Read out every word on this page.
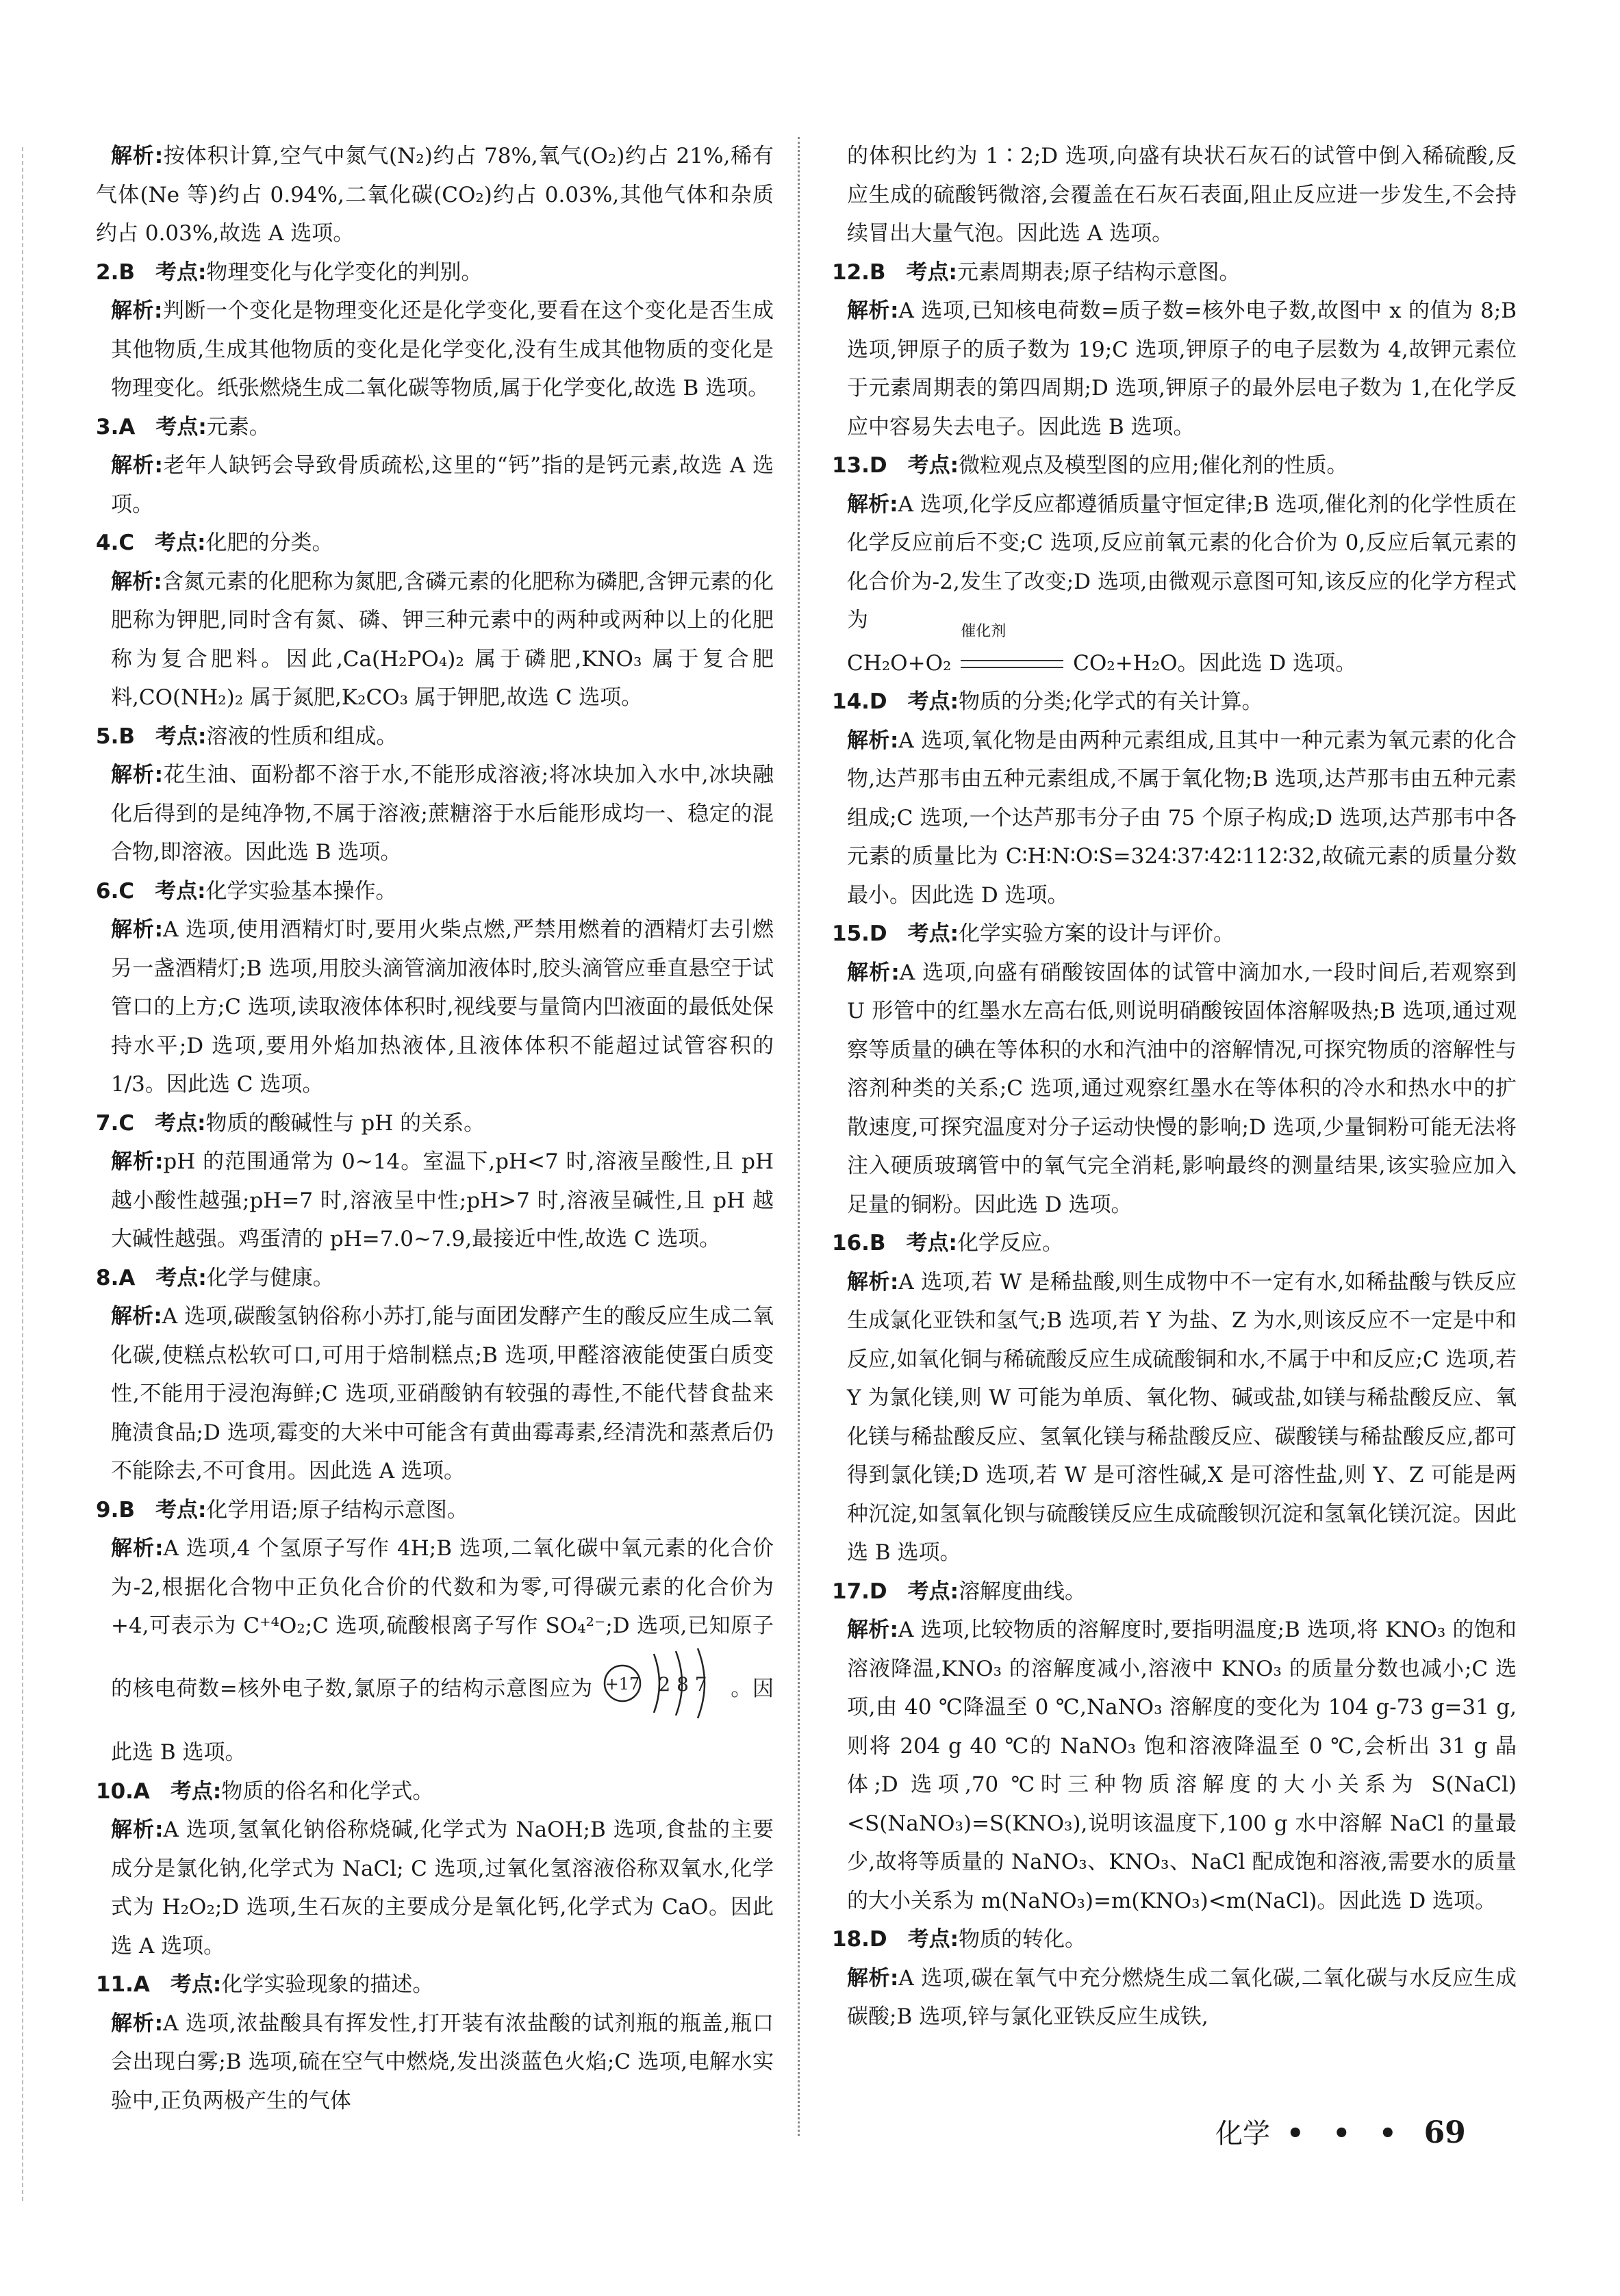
解析:按体积计算,空气中氮气(N₂)约占 78%,氧气(O₂)约占 21%,稀有气体(Ne 等)约占 0.94%,二氧化碳(CO₂)约占 0.03%,其他气体和杂质约占 0.03%,故选 A 选项。

2.B 考点:物理变化与化学变化的判别。

解析:判断一个变化是物理变化还是化学变化,要看在这个变化是否生成其他物质,生成其他物质的变化是化学变化,没有生成其他物质的变化是物理变化。纸张燃烧生成二氧化碳等物质,属于化学变化,故选 B 选项。

3.A 考点:元素。

解析:老年人缺钙会导致骨质疏松,这里的“钙”指的是钙元素,故选 A 选项。

4.C 考点:化肥的分类。

解析:含氮元素的化肥称为氮肥,含磷元素的化肥称为磷肥,含钾元素的化肥称为钾肥,同时含有氮、磷、钾三种元素中的两种或两种以上的化肥称为复合肥料。因此,Ca(H₂PO₄)₂ 属于磷肥,KNO₃ 属于复合肥料,CO(NH₂)₂ 属于氮肥,K₂CO₃ 属于钾肥,故选 C 选项。

5.B 考点:溶液的性质和组成。

解析:花生油、面粉都不溶于水,不能形成溶液;将冰块加入水中,冰块融化后得到的是纯净物,不属于溶液;蔗糖溶于水后能形成均一、稳定的混合物,即溶液。因此选 B 选项。

6.C 考点:化学实验基本操作。

解析:A 选项,使用酒精灯时,要用火柴点燃,严禁用燃着的酒精灯去引燃另一盏酒精灯;B 选项,用胶头滴管滴加液体时,胶头滴管应垂直悬空于试管口的上方;C 选项,读取液体体积时,视线要与量筒内凹液面的最低处保持水平;D 选项,要用外焰加热液体,且液体体积不能超过试管容积的 1/3。因此选 C 选项。

7.C 考点:物质的酸碱性与 pH 的关系。

解析:pH 的范围通常为 0~14。室温下,pH<7 时,溶液呈酸性,且 pH 越小酸性越强;pH=7 时,溶液呈中性;pH>7 时,溶液呈碱性,且 pH 越大碱性越强。鸡蛋清的 pH=7.0~7.9,最接近中性,故选 C 选项。

8.A 考点:化学与健康。

解析:A 选项,碳酸氢钠俗称小苏打,能与面团发酵产生的酸反应生成二氧化碳,使糕点松软可口,可用于焙制糕点;B 选项,甲醛溶液能使蛋白质变性,不能用于浸泡海鲜;C 选项,亚硝酸钠有较强的毒性,不能代替食盐来腌渍食品;D 选项,霉变的大米中可能含有黄曲霉毒素,经清洗和蒸煮后仍不能除去,不可食用。因此选 A 选项。

9.B 考点:化学用语;原子结构示意图。

解析:A 选项,4 个氢原子写作 4H;B 选项,二氧化碳中氧元素的化合价为-2,根据化合物中正负化合价的代数和为零,可得碳元素的化合价为+4,可表示为 C⁺⁴O₂;C 选项,硫酸根离子写作 SO₄²⁻;D 选项,已知原子的核电荷数=核外电子数,氯原子的结构示意图应为 +17 2 8 7 。因此选 B 选项。

10.A 考点:物质的俗名和化学式。

解析:A 选项,氢氧化钠俗称烧碱,化学式为 NaOH;B 选项,食盐的主要成分是氯化钠,化学式为 NaCl; C 选项,过氧化氢溶液俗称双氧水,化学式为 H₂O₂;D 选项,生石灰的主要成分是氧化钙,化学式为 CaO。因此选 A 选项。

11.A 考点:化学实验现象的描述。

解析:A 选项,浓盐酸具有挥发性,打开装有浓盐酸的试剂瓶的瓶盖,瓶口会出现白雾;B 选项,硫在空气中燃烧,发出淡蓝色火焰;C 选项,电解水实验中,正负两极产生的气体

的体积比约为 1∶2;D 选项,向盛有块状石灰石的试管中倒入稀硫酸,反应生成的硫酸钙微溶,会覆盖在石灰石表面,阻止反应进一步发生,不会持续冒出大量气泡。因此选 A 选项。

12.B 考点:元素周期表;原子结构示意图。

解析:A 选项,已知核电荷数=质子数=核外电子数,故图中 x 的值为 8;B 选项,钾原子的质子数为 19;C 选项,钾原子的电子层数为 4,故钾元素位于元素周期表的第四周期;D 选项,钾原子的最外层电子数为 1,在化学反应中容易失去电子。因此选 B 选项。

13.D 考点:微粒观点及模型图的应用;催化剂的性质。

解析:A 选项,化学反应都遵循质量守恒定律;B 选项,催化剂的化学性质在化学反应前后不变;C 选项,反应前氧元素的化合价为 0,反应后氧元素的化合价为-2,发生了改变;D 选项,由微观示意图可知,该反应的化学方程式为

CH₂O+O₂
催化剂
CO₂+H₂O。因此选 D 选项。

14.D 考点:物质的分类;化学式的有关计算。

解析:A 选项,氧化物是由两种元素组成,且其中一种元素为氧元素的化合物,达芦那韦由五种元素组成,不属于氧化物;B 选项,达芦那韦由五种元素组成;C 选项,一个达芦那韦分子由 75 个原子构成;D 选项,达芦那韦中各元素的质量比为 C∶H∶N∶O∶S=324∶37∶42∶112∶32,故硫元素的质量分数最小。因此选 D 选项。

15.D 考点:化学实验方案的设计与评价。

解析:A 选项,向盛有硝酸铵固体的试管中滴加水,一段时间后,若观察到 U 形管中的红墨水左高右低,则说明硝酸铵固体溶解吸热;B 选项,通过观察等质量的碘在等体积的水和汽油中的溶解情况,可探究物质的溶解性与溶剂种类的关系;C 选项,通过观察红墨水在等体积的冷水和热水中的扩散速度,可探究温度对分子运动快慢的影响;D 选项,少量铜粉可能无法将注入硬质玻璃管中的氧气完全消耗,影响最终的测量结果,该实验应加入足量的铜粉。因此选 D 选项。

16.B 考点:化学反应。

解析:A 选项,若 W 是稀盐酸,则生成物中不一定有水,如稀盐酸与铁反应生成氯化亚铁和氢气;B 选项,若 Y 为盐、Z 为水,则该反应不一定是中和反应,如氧化铜与稀硫酸反应生成硫酸铜和水,不属于中和反应;C 选项,若 Y 为氯化镁,则 W 可能为单质、氧化物、碱或盐,如镁与稀盐酸反应、氧化镁与稀盐酸反应、氢氧化镁与稀盐酸反应、碳酸镁与稀盐酸反应,都可得到氯化镁;D 选项,若 W 是可溶性碱,X 是可溶性盐,则 Y、Z 可能是两种沉淀,如氢氧化钡与硫酸镁反应生成硫酸钡沉淀和氢氧化镁沉淀。因此选 B 选项。

17.D 考点:溶解度曲线。

解析:A 选项,比较物质的溶解度时,要指明温度;B 选项,将 KNO₃ 的饱和溶液降温,KNO₃ 的溶解度减小,溶液中 KNO₃ 的质量分数也减小;C 选项,由 40 ℃降温至 0 ℃,NaNO₃ 溶解度的变化为 104 g-73 g=31 g,则将 204 g 40 ℃的 NaNO₃ 饱和溶液降温至 0 ℃,会析出 31 g 晶体;D 选项,70 ℃时三种物质溶解度的大小关系为 S(NaCl)<S(NaNO₃)=S(KNO₃),说明该温度下,100 g 水中溶解 NaCl 的量最少,故将等质量的 NaNO₃、KNO₃、NaCl 配成饱和溶液,需要水的质量的大小关系为 m(NaNO₃)=m(KNO₃)<m(NaCl)。因此选 D 选项。

18.D 考点:物质的转化。

解析:A 选项,碳在氧气中充分燃烧生成二氧化碳,二氧化碳与水反应生成碳酸;B 选项,锌与氯化亚铁反应生成铁,

化学 • • • 69
